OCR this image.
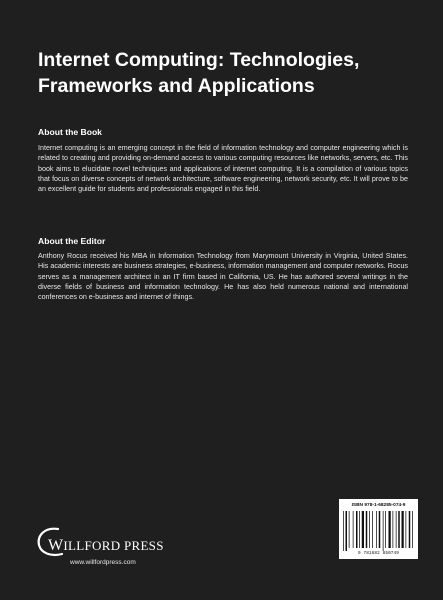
Internet Computing: Technologies,
Frameworks and Applications
About the Book

Internet computing is an emerging concept in the field of information technology and computer engineering which is related to creating and providing on-demand access to various computing resources like networks, servers, etc. This book aims to elucidate novel techniques and applications of internet computing. It is a compilation of various topics that focus on diverse concepts of network architecture, software engineering, network security, etc. It will prove to be an excellent guide for students and professionals engaged in this field.

About the Editor

Anthony Rocus received his MBA in Information Technology from Marymount University in Virginia, United States. His academic interests are business strategies, e-business, information management and computer networks. Rocus serves as a management architect in an IT firm based in California, US. He has authored several writings in the diverse fields of business and information technology. He has also held numerous national and international conferences on e-business and internet of things.

WILLFORD PRESS
www.willfordpress.com
ISBN 978-1-68285-074-9
9 781682 850749
